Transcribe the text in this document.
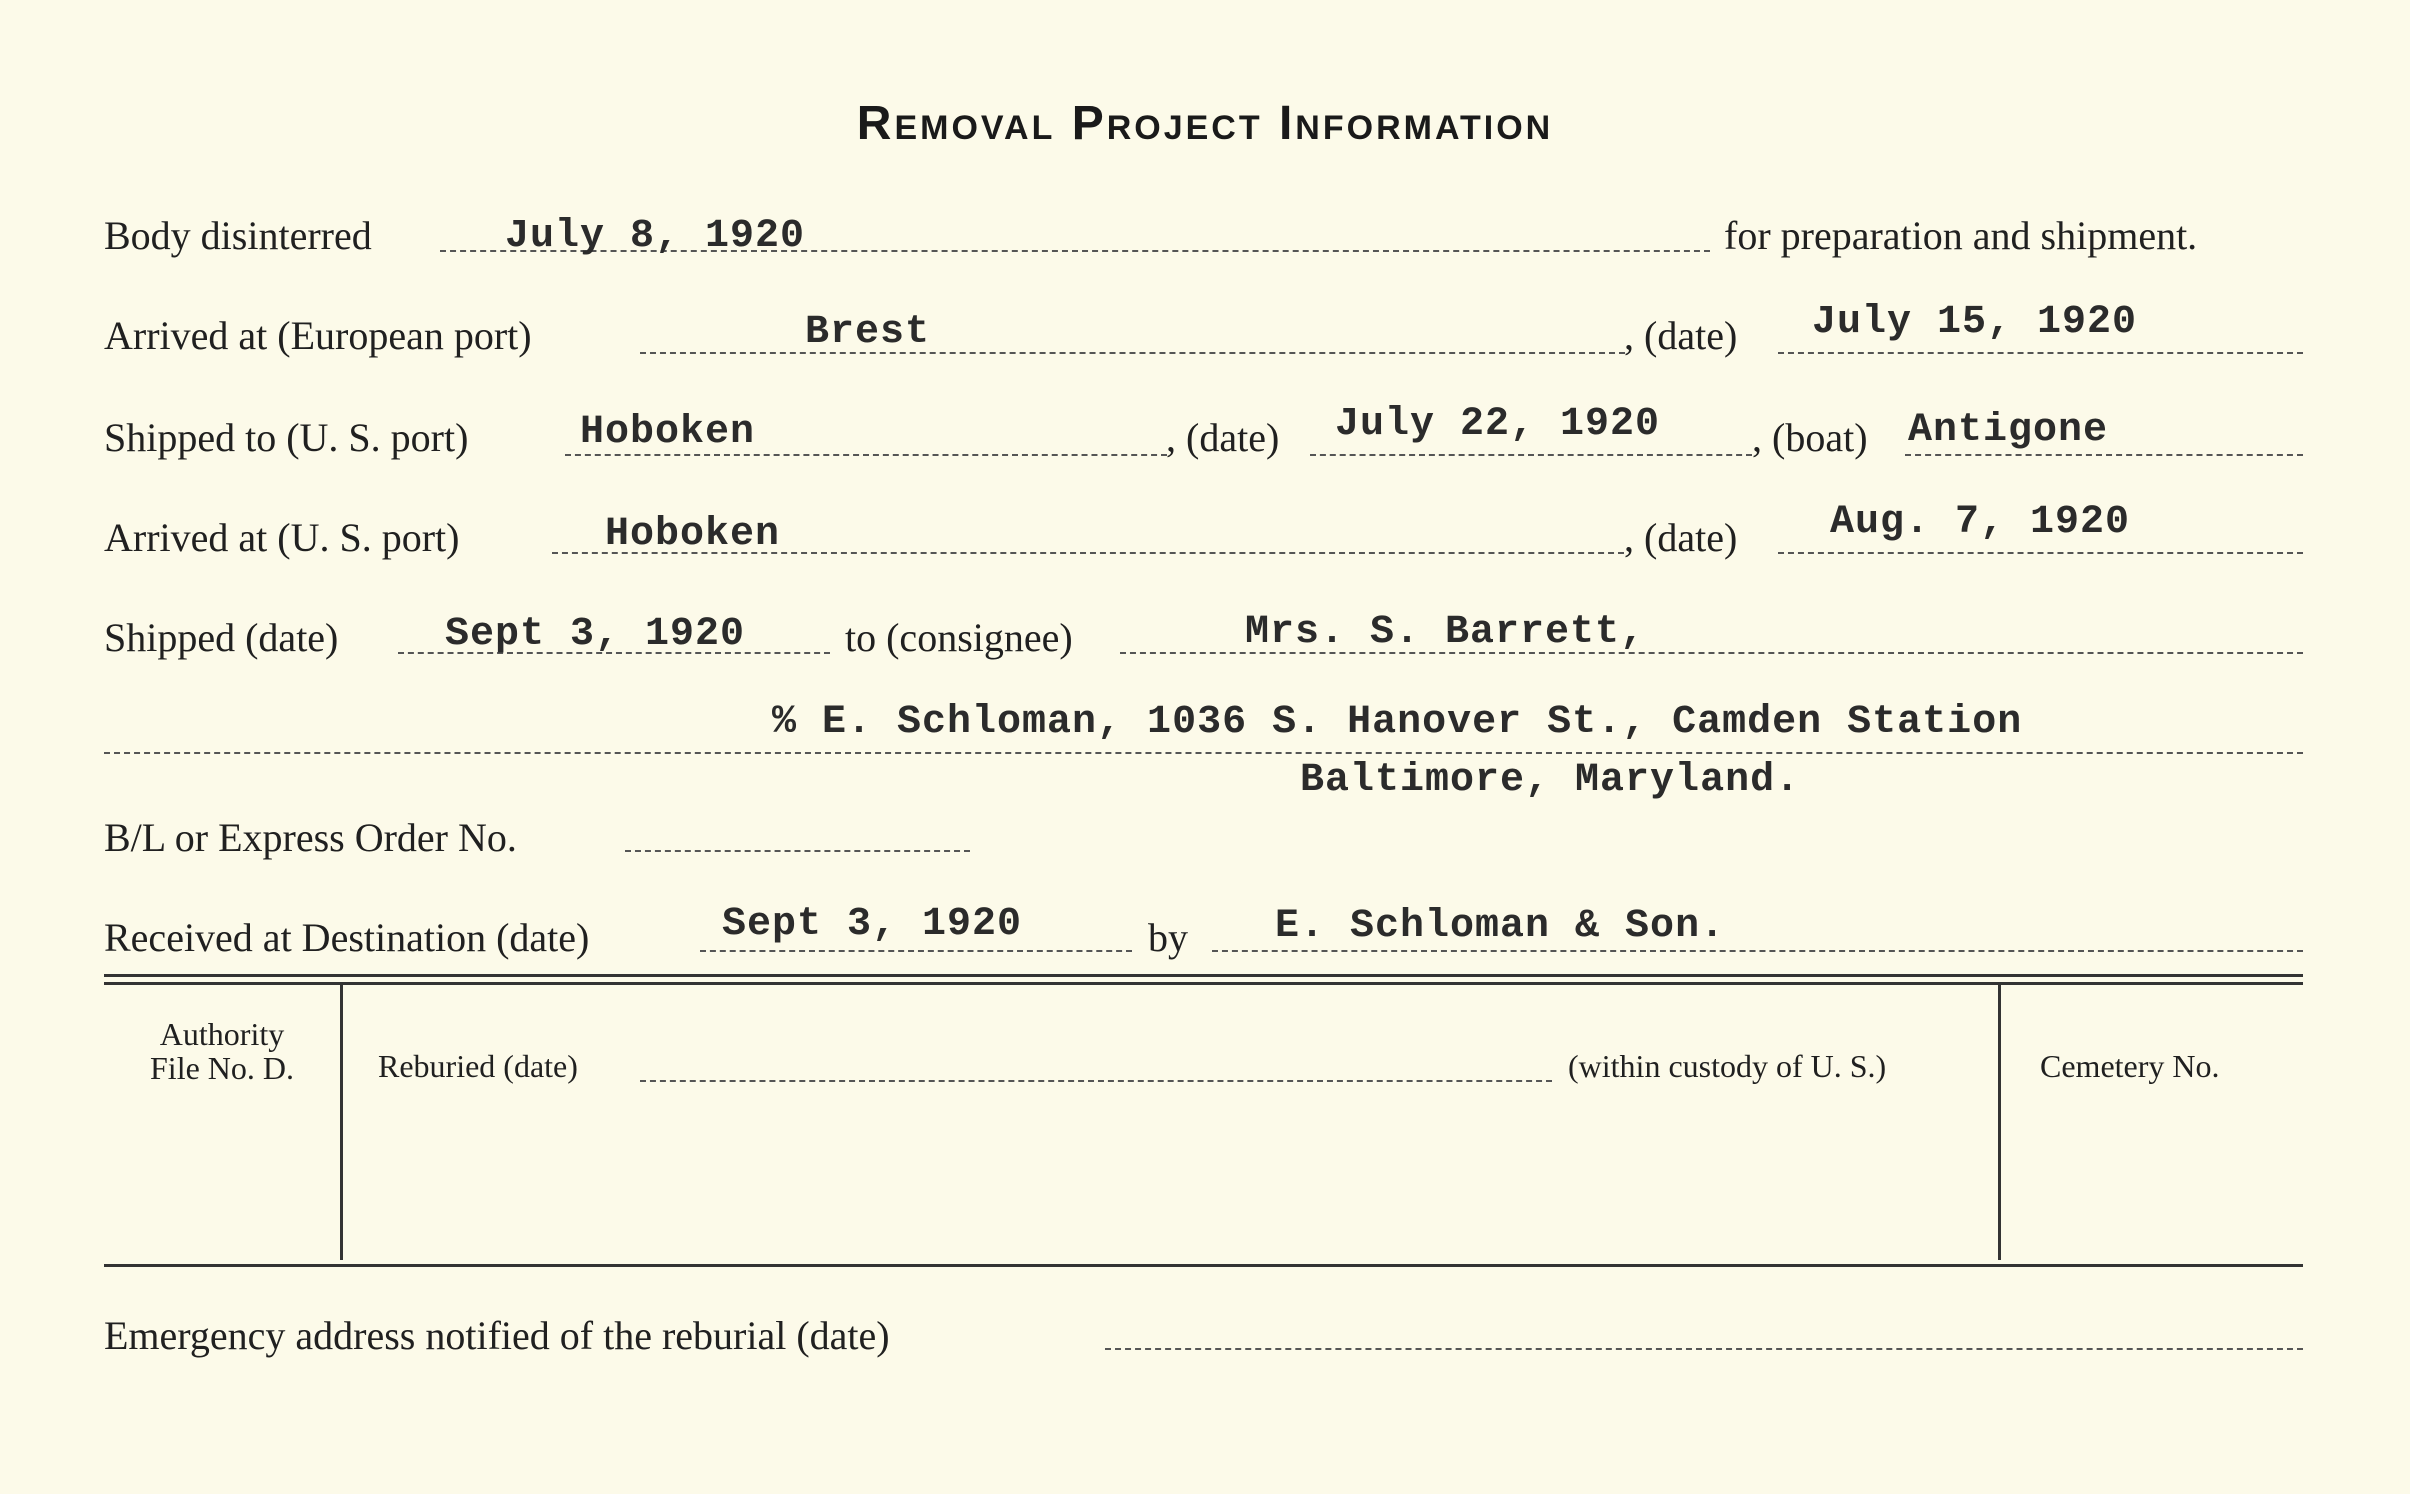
Removal Project Information
Body disinterred	July 8, 1920	for preparation and shipment.
Arrived at (European port)	Brest	, (date) July 15, 1920
Shipped to (U. S. port)	Hoboken	, (date) July 22, 1920 , (boat) Antigone
Arrived at (U. S. port)	Hoboken	, (date) Aug. 7, 1920
Shipped (date)	Sept 3, 1920 to (consignee)	Mrs. S. Barrett,
% E. Schloman, 1036 S. Hanover St., Camden Station
Baltimore, Maryland.
B/L or Express Order No.
Received at Destination (date)	Sept 3, 1920	by E. Schloman & Son.
Authority
File No. D.	Reburied (date)	(within custody of U. S.)	Cemetery No.
Emergency address notified of the reburial (date)
